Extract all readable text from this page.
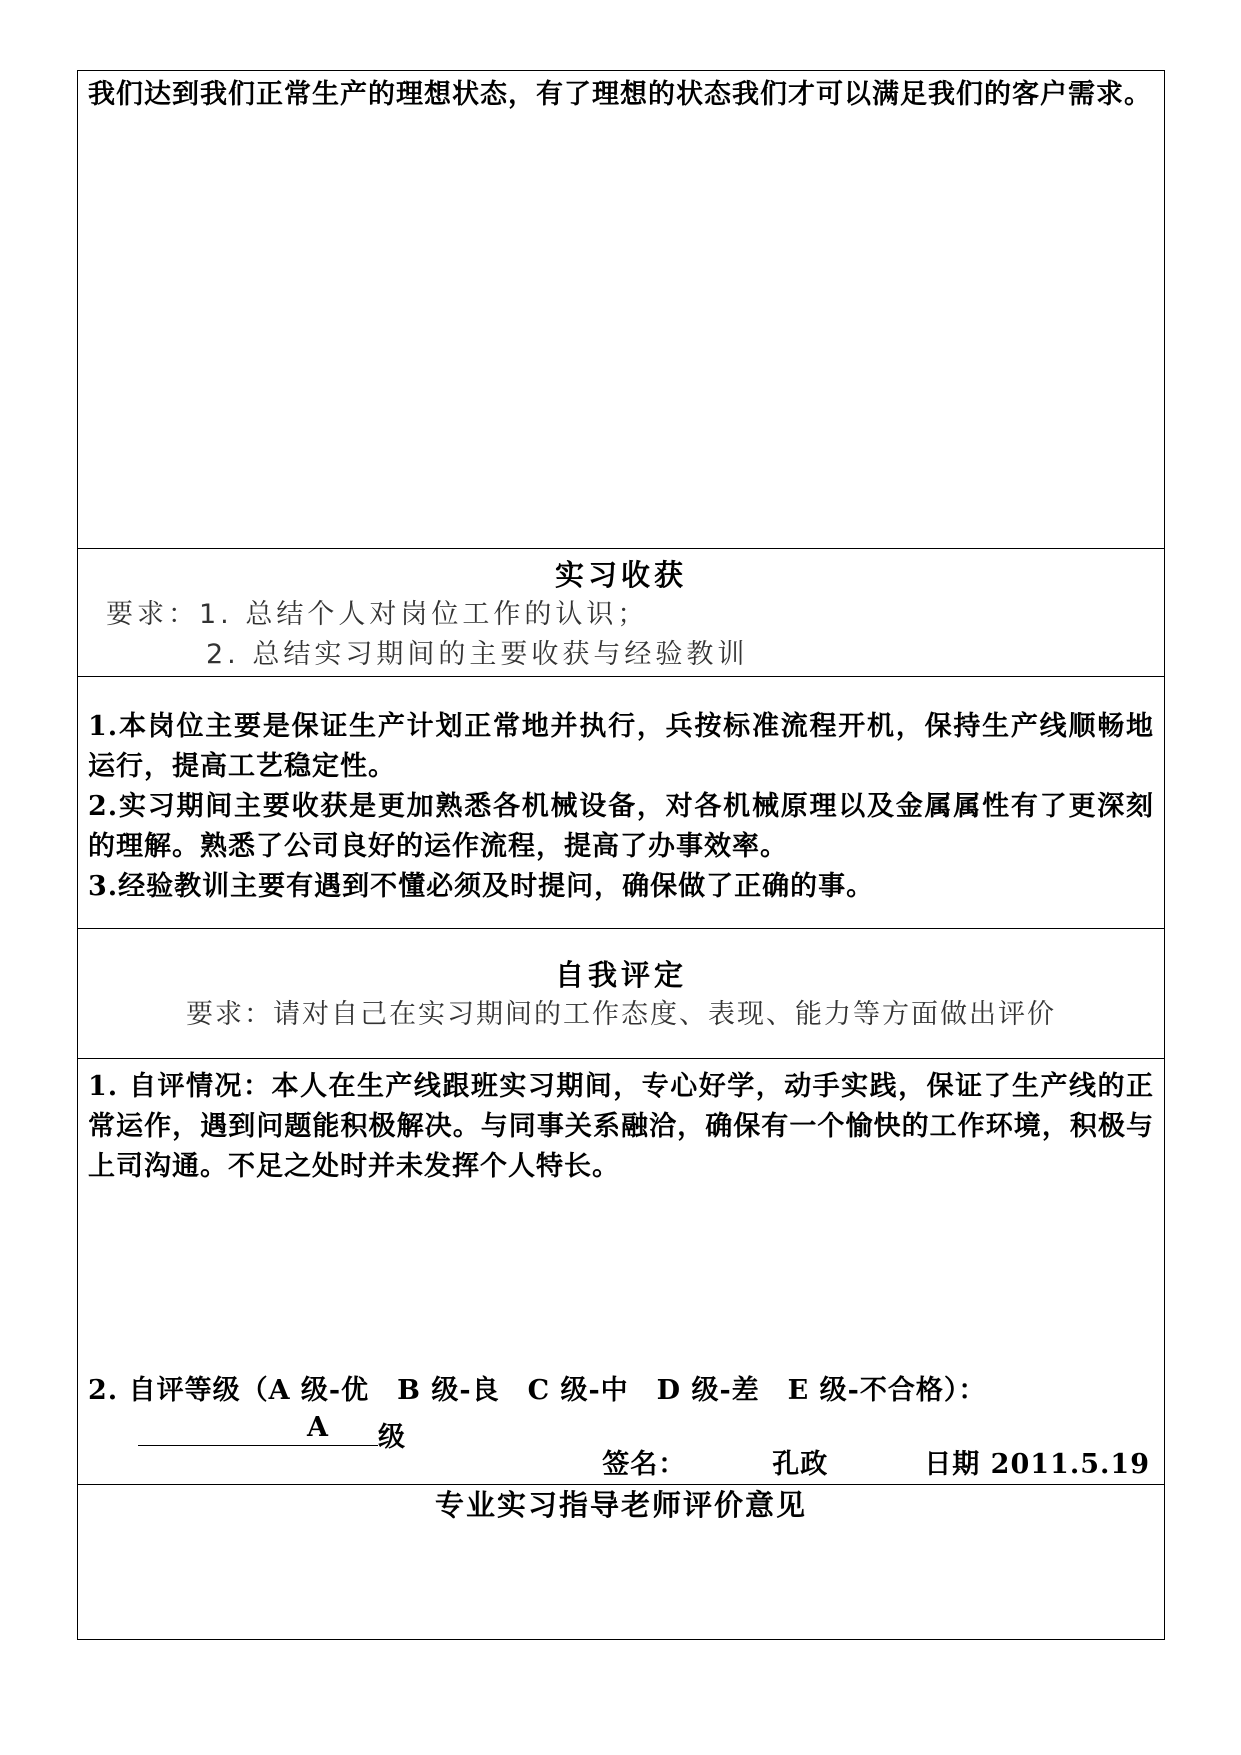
我们达到我们正常生产的理想状态，有了理想的状态我们才可以满足我们的客户需求。
实习收获
要求：1. 总结个人对岗位工作的认识；
2. 总结实习期间的主要收获与经验教训

1.本岗位主要是保证生产计划正常地并执行，兵按标准流程开机，保持生产线顺畅地运行，提高工艺稳定性。

2.实习期间主要收获是更加熟悉各机械设备，对各机械原理以及金属属性有了更深刻的理解。熟悉了公司良好的运作流程，提高了办事效率。

3.经验教训主要有遇到不懂必须及时提问，确保做了正确的事。

自我评定
要求：请对自己在实习期间的工作态度、表现、能力等方面做出评价
1. 自评情况：本人在生产线跟班实习期间，专心好学，动手实践，保证了生产线的正常运作，遇到问题能积极解决。与同事关系融洽，确保有一个愉快的工作环境，积极与上司沟通。不足之处时并未发挥个人特长。
2. 自评等级（A 级-优　B 级-良　C 级-中　D 级-差　E 级-不合格）：
A 级
签名：	孔政	日期 2011.5.19
专业实习指导老师评价意见
